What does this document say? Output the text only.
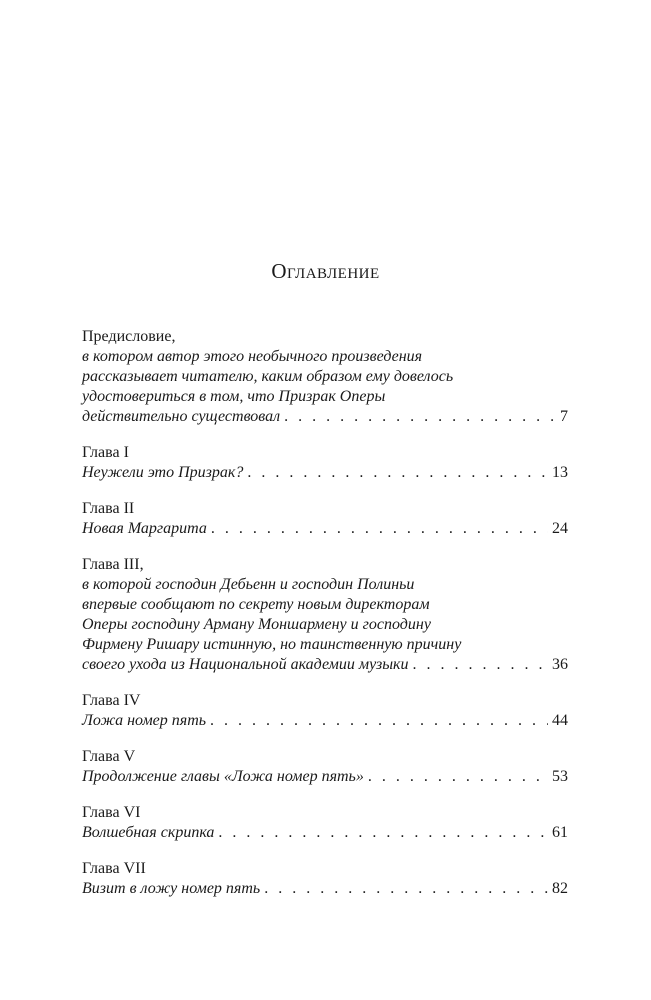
Оглавление
Предисловие,
в котором автор этого необычного произведения
рассказывает читателю, каким образом ему довелось
удостовериться в том, что Призрак Оперы
действительно существовал . . .	7
Глава I
Неужели это Призрак? . . .	13
Глава II
Новая Маргарита . . .	24
Глава III,
в которой господин Дебьенн и господин Полиньи
впервые сообщают по секрету новым директорам
Оперы господину Арману Моншармену и господину
Фирмену Ришару истинную, но таинственную причину
своего ухода из Национальной академии музыки . . .	36
Глава IV
Ложа номер пять . . .	44
Глава V
Продолжение главы «Ложа номер пять» . . .	53
Глава VI
Волшебная скрипка . . .	61
Глава VII
Визит в ложу номер пять . . .	82
